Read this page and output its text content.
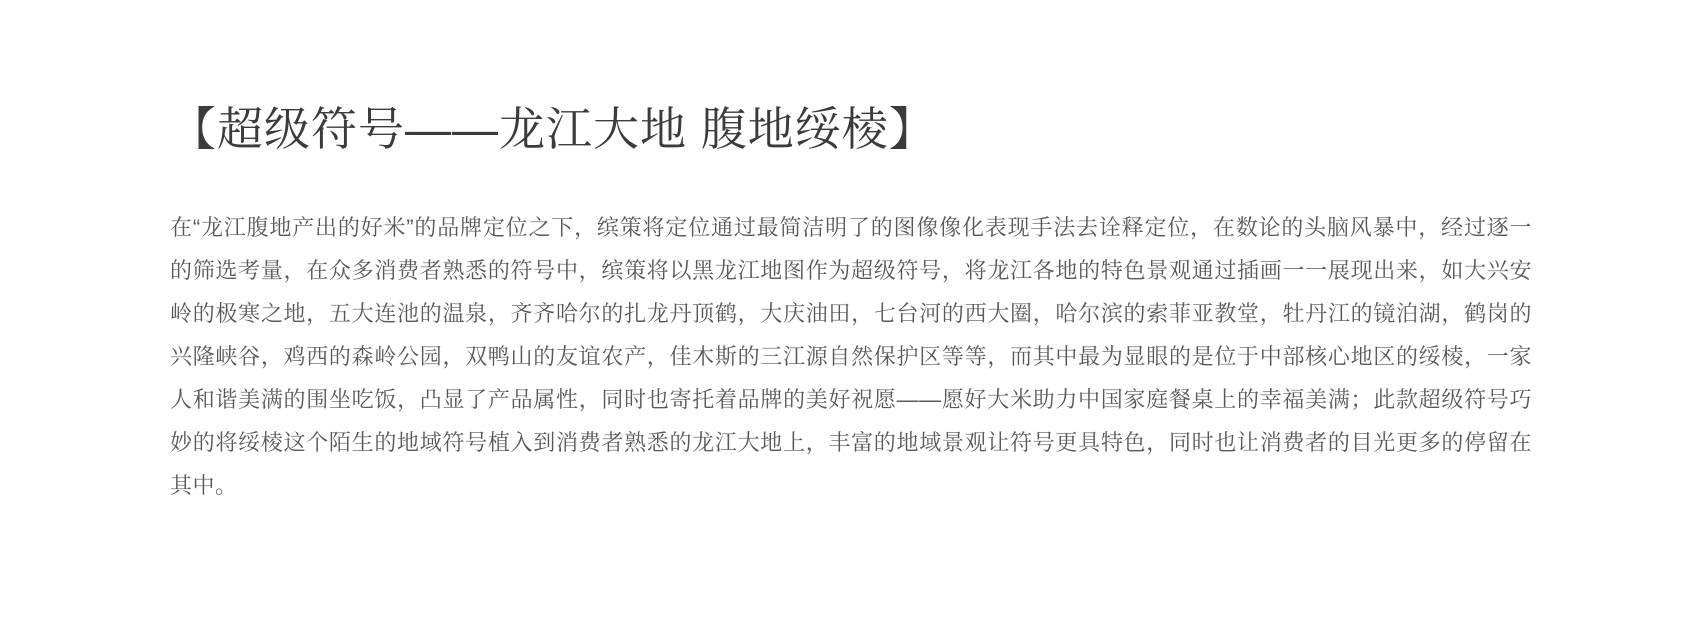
【超级符号——龙江大地 腹地绥棱】

在“龙江腹地产出的好米”的品牌定位之下，缤策将定位通过最简洁明了的图像像化表现手法去诠释定位，在数论的头脑风暴中，经过逐一的筛选考量，在众多消费者熟悉的符号中，缤策将以黑龙江地图作为超级符号，将龙江各地的特色景观通过插画一一展现出来，如大兴安岭的极寒之地，五大连池的温泉，齐齐哈尔的扎龙丹顶鹤，大庆油田，七台河的西大圈，哈尔滨的索菲亚教堂，牡丹江的镜泊湖，鹤岗的兴隆峡谷，鸡西的森岭公园，双鸭山的友谊农产，佳木斯的三江源自然保护区等等，而其中最为显眼的是位于中部核心地区的绥棱，一家人和谐美满的围坐吃饭，凸显了产品属性，同时也寄托着品牌的美好祝愿——愿好大米助力中国家庭餐桌上的幸福美满；此款超级符号巧妙的将绥棱这个陌生的地域符号植入到消费者熟悉的龙江大地上，丰富的地域景观让符号更具特色，同时也让消费者的目光更多的停留在其中。
